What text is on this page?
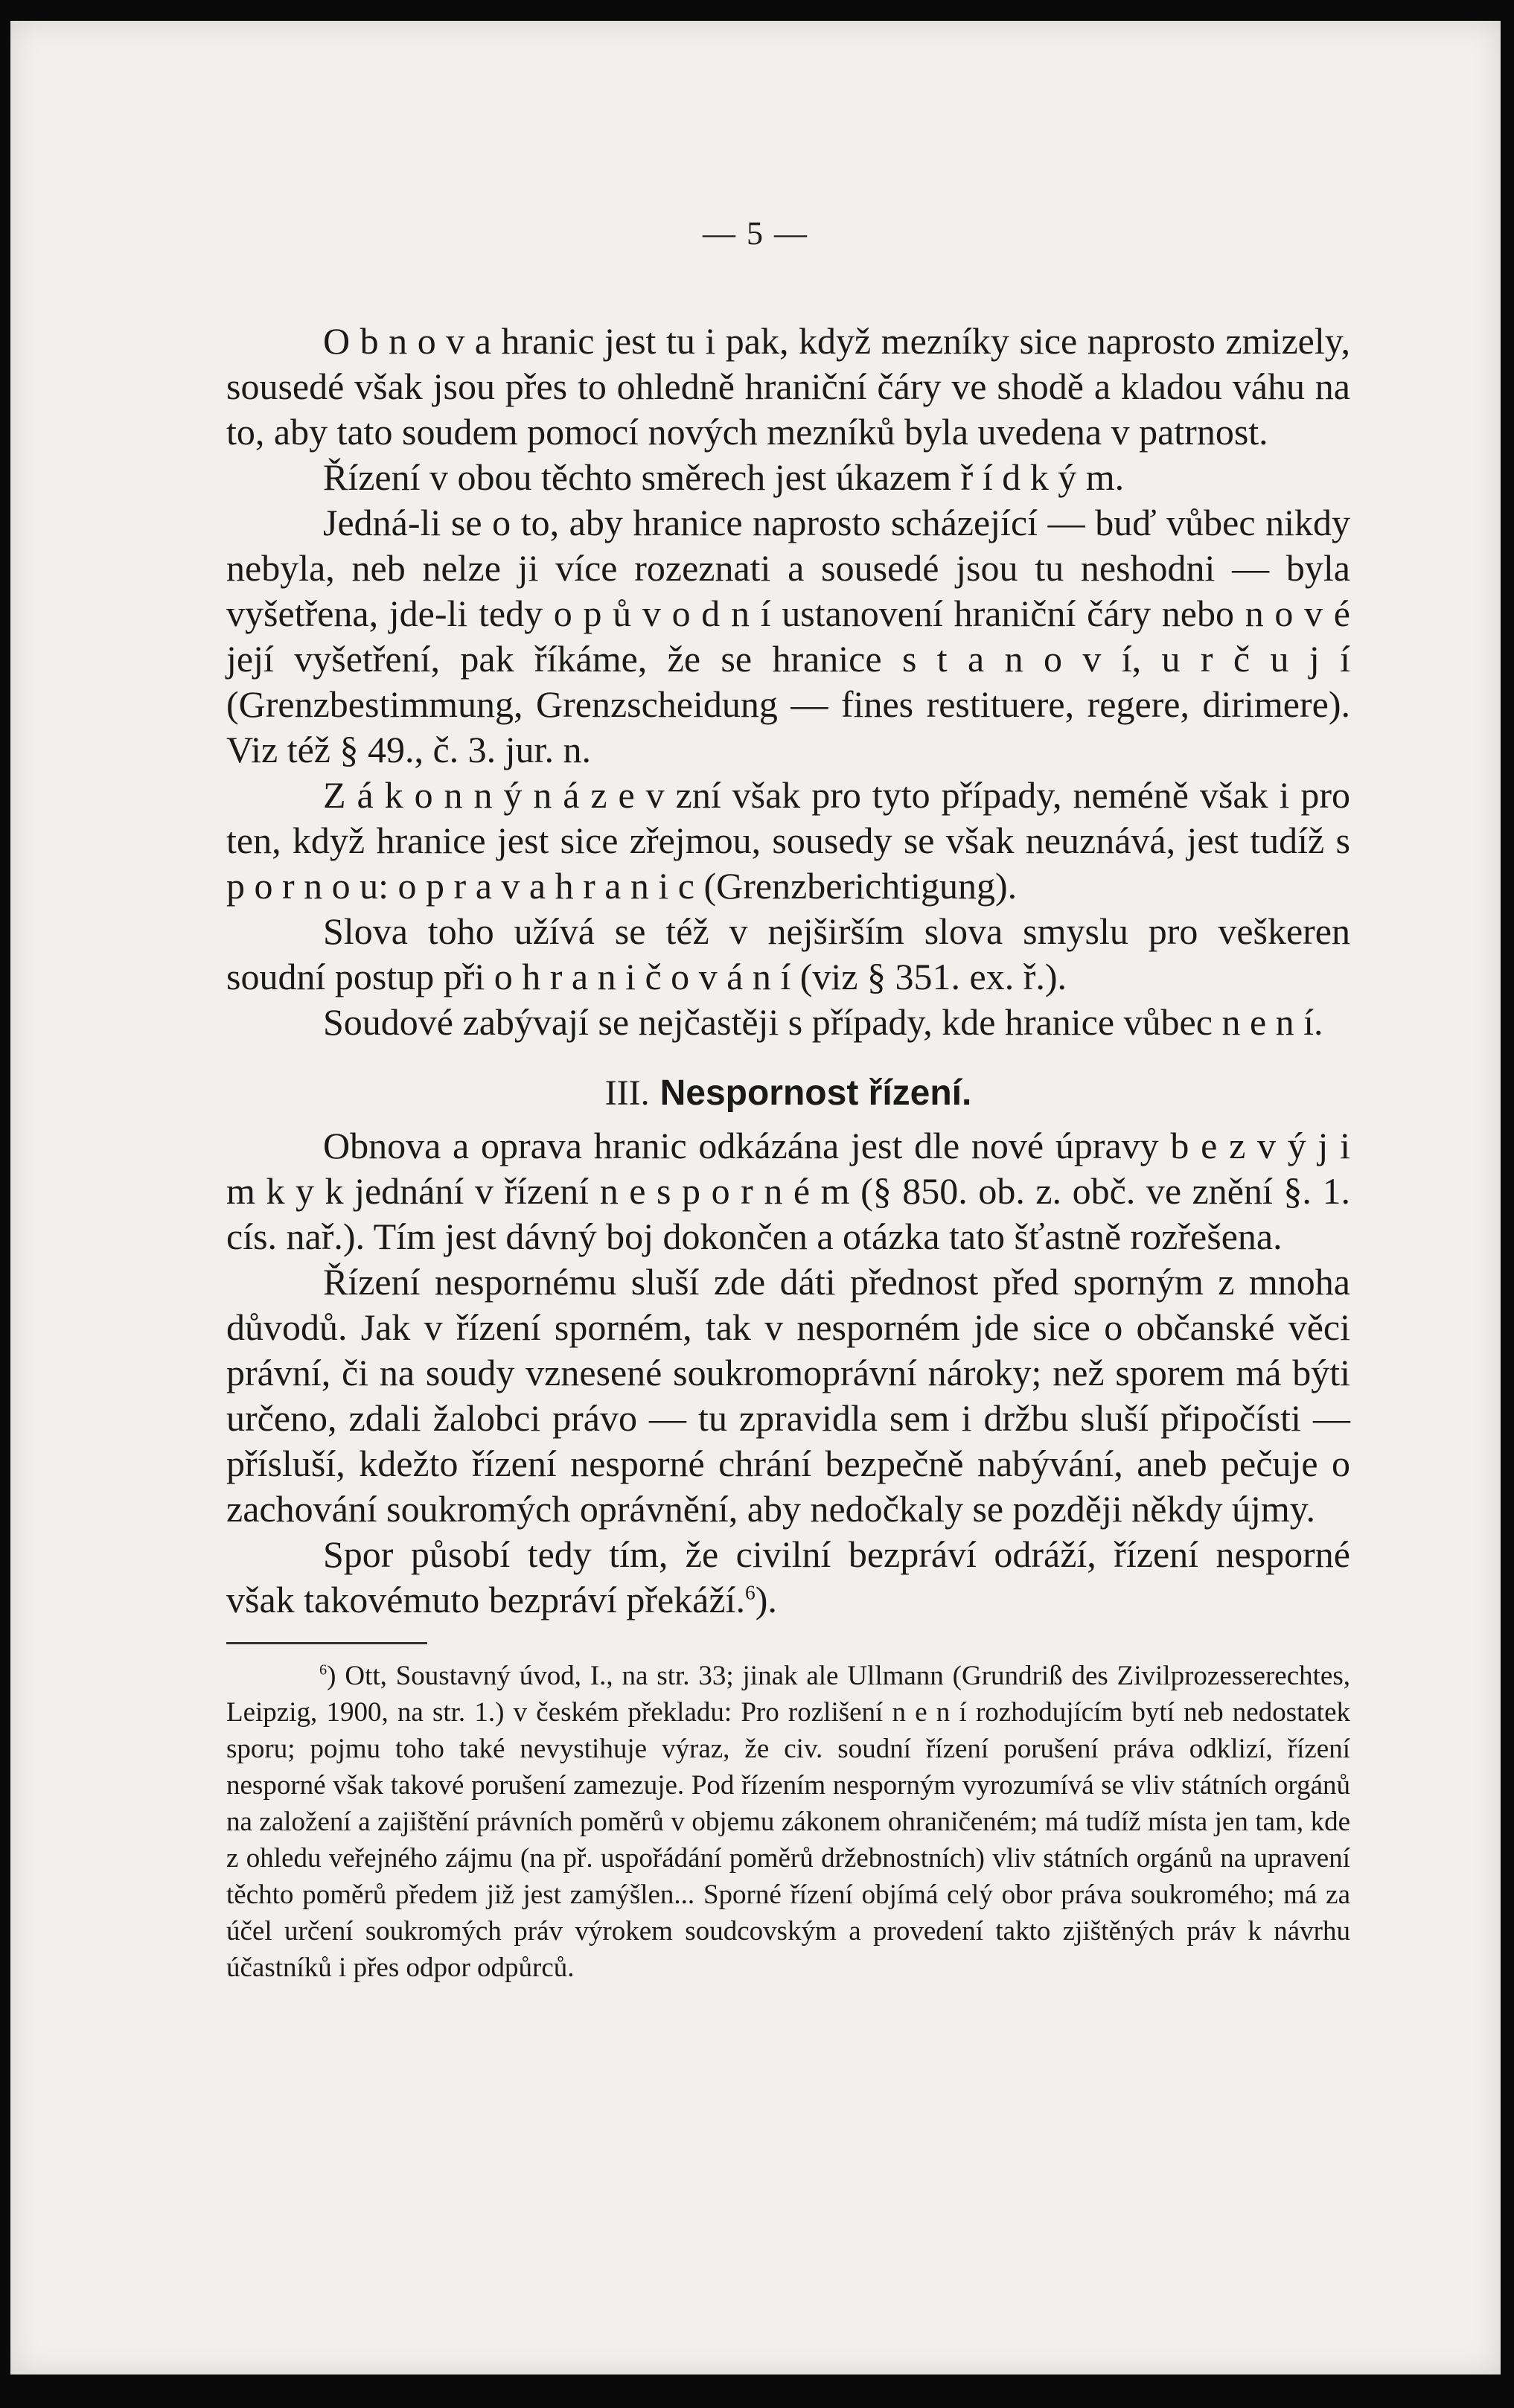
— 5 —

O b n o v a hranic jest tu i pak, když mezníky sice naprosto zmizely, sousedé však jsou přes to ohledně hraniční čáry ve shodě a kladou váhu na to, aby tato soudem pomocí nových mezníků byla uvedena v patrnost.

Řízení v obou těchto směrech jest úkazem ř í d k ý m.

Jedná-li se o to, aby hranice naprosto scházející — buď vůbec nikdy nebyla, neb nelze ji více rozeznati a sousedé jsou tu neshodni — byla vyšetřena, jde-li tedy o p ů v o d n í ustanovení hraniční čáry nebo n o v é její vyšetření, pak říkáme, že se hranice s t a n o v í, u r č u j í (Grenzbestimmung, Grenzscheidung — fines restituere, regere, dirimere). Viz též § 49., č. 3. jur. n.

Z á k o n n ý n á z e v zní však pro tyto případy, neméně však i pro ten, když hranice jest sice zřejmou, sousedy se však neuznává, jest tudíž s p o r n o u: o p r a v a h r a n i c (Grenzberichtigung).

Slova toho užívá se též v nejširším slova smyslu pro veškeren soudní postup při o h r a n i č o v á n í (viz § 351. ex. ř.).

Soudové zabývají se nejčastěji s případy, kde hranice vůbec n e n í.

III. Nespornost řízení.

Obnova a oprava hranic odkázána jest dle nové úpravy b e z v ý j i m k y k jednání v řízení n e s p o r n é m (§ 850. ob. z. obč. ve znění §. 1. cís. nař.). Tím jest dávný boj dokončen a otázka tato šťastně rozřešena.

Řízení nespornému sluší zde dáti přednost před sporným z mnoha důvodů. Jak v řízení sporném, tak v nesporném jde sice o občanské věci právní, či na soudy vznesené soukromoprávní nároky; než sporem má býti určeno, zdali žalobci právo — tu zpravidla sem i držbu sluší připočísti — přísluší, kdežto řízení nesporné chrání bezpečně nabývání, aneb pečuje o zachování soukromých oprávnění, aby nedočkaly se později někdy újmy.

Spor působí tedy tím, že civilní bezpráví odráží, řízení nesporné však takovémuto bezpráví překáží.$^6$).

$^6$) Ott, Soustavný úvod, I., na str. 33; jinak ale Ullmann (Grundriß des Zivilprozesserechtes, Leipzig, 1900, na str. 1.) v českém překladu: Pro rozlišení n e n í rozhodujícím bytí neb nedostatek sporu; pojmu toho také nevystihuje výraz, že civ. soudní řízení porušení práva odklizí, řízení nesporné však takové porušení zamezuje. Pod řízením nesporným vyrozumívá se vliv státních orgánů na založení a zajištění právních poměrů v objemu zákonem ohraničeném; má tudíž místa jen tam, kde z ohledu veřejného zájmu (na př. uspořádání poměrů držebnostních) vliv státních orgánů na upravení těchto poměrů předem již jest zamýšlen... Sporné řízení objímá celý obor práva soukromého; má za účel určení soukromých práv výrokem soudcovským a provedení takto zjištěných práv k návrhu účastníků i přes odpor odpůrců.
